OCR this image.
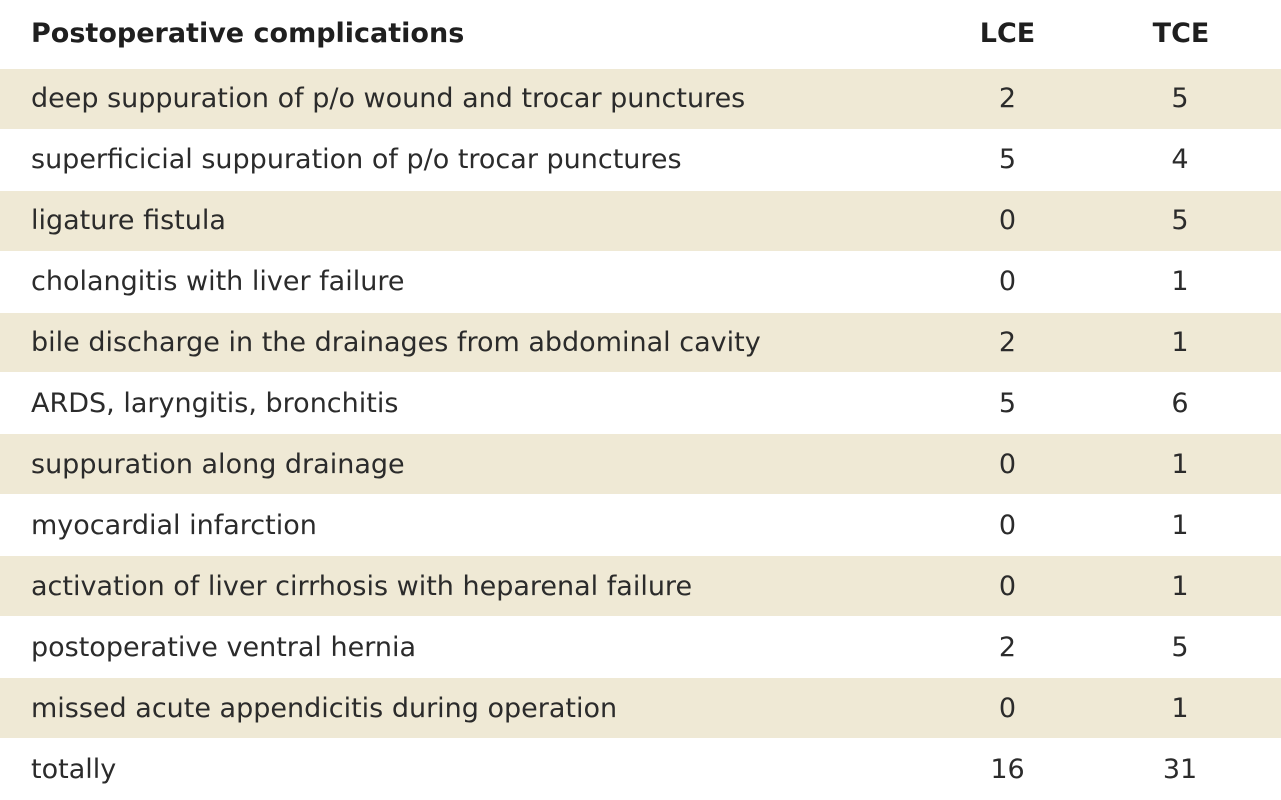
Postoperative complications	LCE	TCE
deep suppuration of p/o wound and trocar punctures	2	5
superficicial suppuration of p/o trocar punctures	5	4
ligature fistula	0	5
cholangitis with liver failure	0	1
bile discharge in the drainages from abdominal cavity	2	1
ARDS, laryngitis, bronchitis	5	6
suppuration along drainage	0	1
myocardial infarction	0	1
activation of liver cirrhosis with heparenal failure	0	1
postoperative ventral hernia	2	5
missed acute appendicitis during operation	0	1
totally	16	31
